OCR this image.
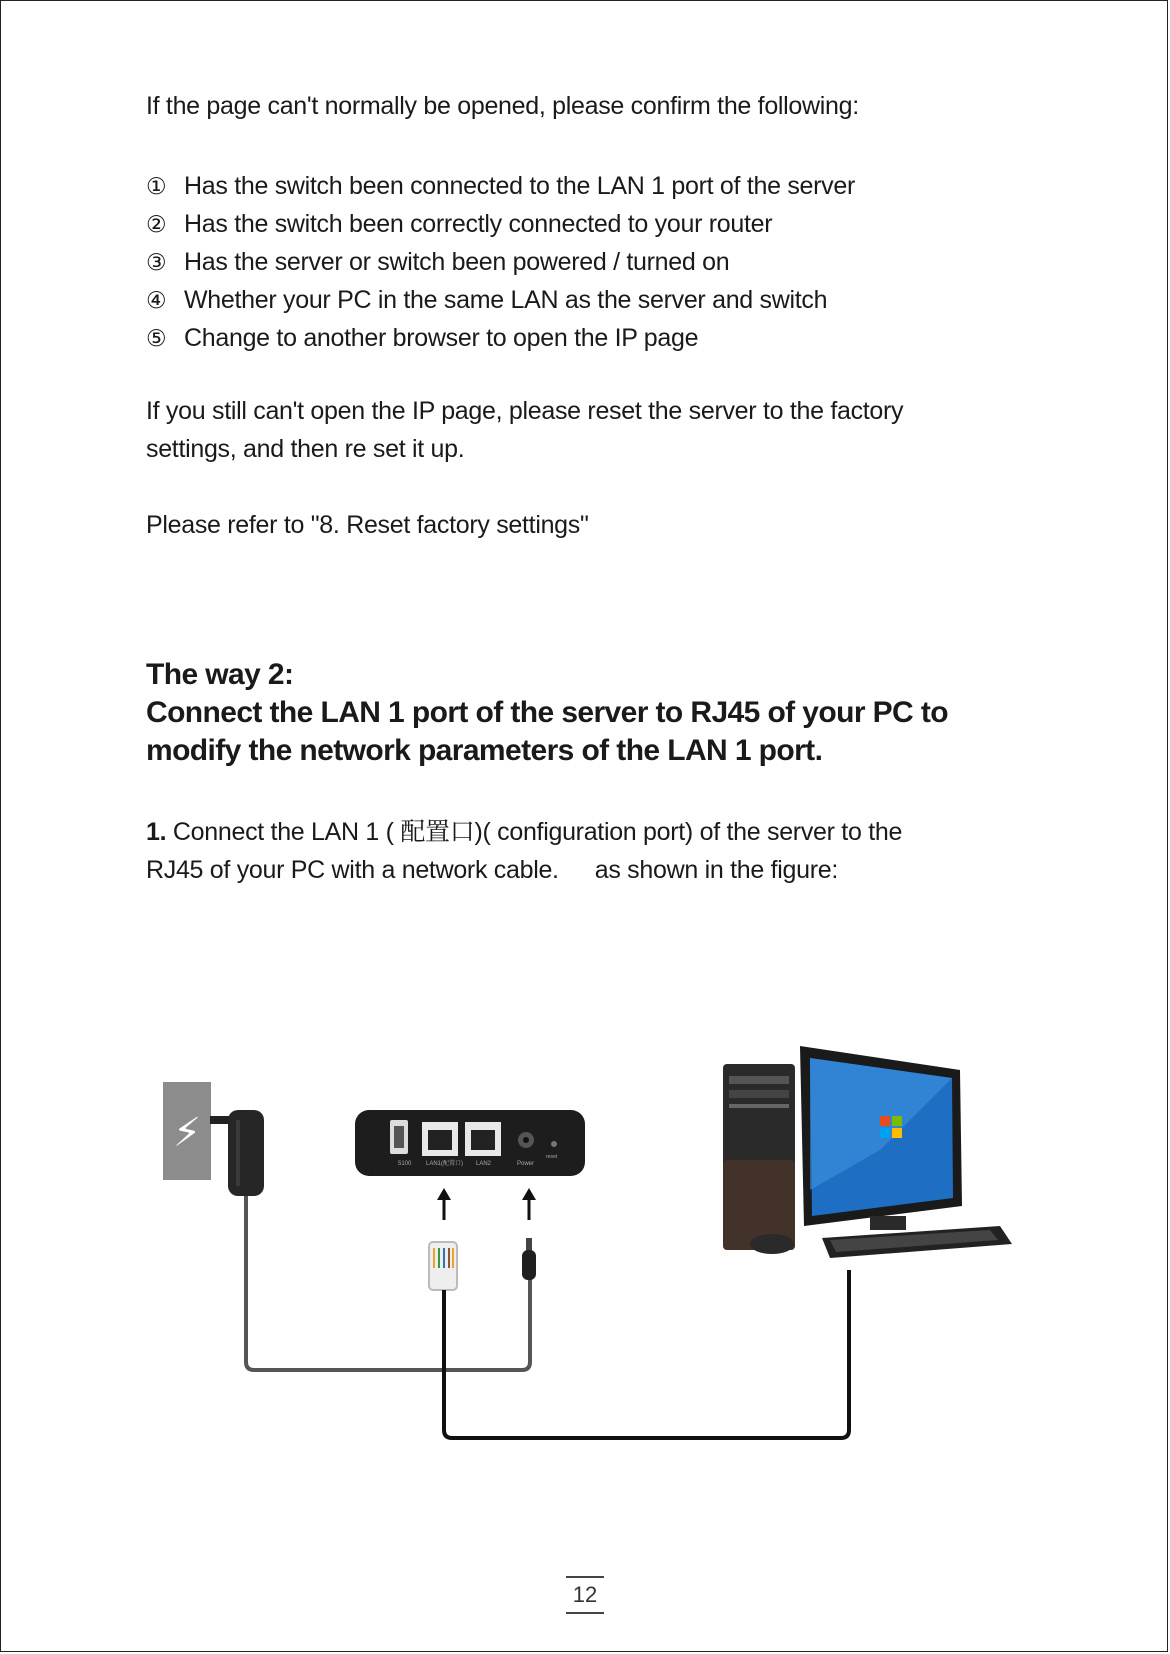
If the page can't normally be opened, please confirm the following:

① Has the switch been connected to the LAN 1 port of the server
② Has the switch been correctly connected to your router
③ Has the server or switch been powered / turned on
④ Whether your PC in the same LAN as the server and switch
⑤ Change to another browser to open the IP page

If you still can't open the IP page, please reset the server to the factory

settings, and then re set it up.

Please refer to "8. Reset factory settings"

The way 2:
Connect the LAN 1 port of the server to RJ45 of your PC to
modify the network parameters of the LAN 1 port.

1. Connect the LAN 1 ( 配置口)( configuration port) of the server to the
RJ45 of your PC with a network cable. as shown in the figure:

⚡
5100 LAN1(配置口) LAN2	Power
reset
12
